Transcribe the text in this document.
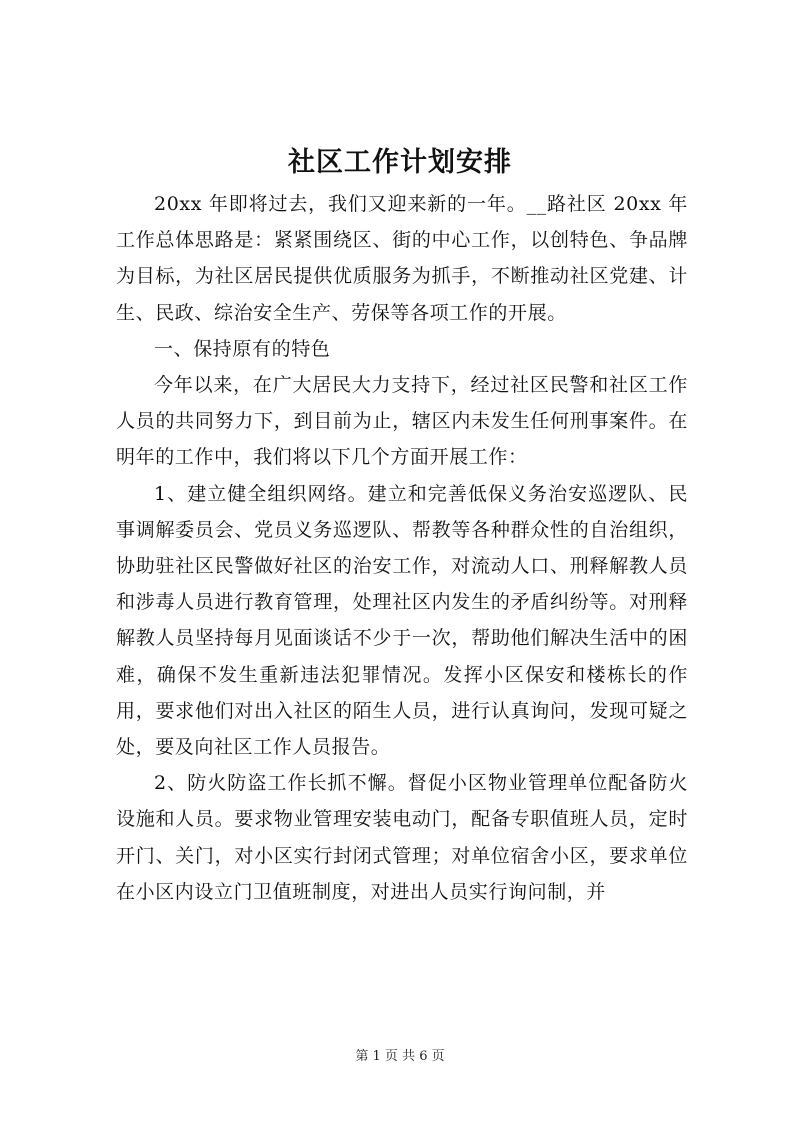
社区工作计划安排

20xx 年即将过去，我们又迎来新的一年。__路社区 20xx 年工作总体思路是：紧紧围绕区、街的中心工作，以创特色、争品牌为目标，为社区居民提供优质服务为抓手，不断推动社区党建、计生、民政、综治安全生产、劳保等各项工作的开展。

一、保持原有的特色

今年以来，在广大居民大力支持下，经过社区民警和社区工作人员的共同努力下，到目前为止，辖区内未发生任何刑事案件。在明年的工作中，我们将以下几个方面开展工作：

1、建立健全组织网络。建立和完善低保义务治安巡逻队、民事调解委员会、党员义务巡逻队、帮教等各种群众性的自治组织，协助驻社区民警做好社区的治安工作，对流动人口、刑释解教人员和涉毒人员进行教育管理，处理社区内发生的矛盾纠纷等。对刑释解教人员坚持每月见面谈话不少于一次，帮助他们解决生活中的困难，确保不发生重新违法犯罪情况。发挥小区保安和楼栋长的作用，要求他们对出入社区的陌生人员，进行认真询问，发现可疑之处，要及向社区工作人员报告。

2、防火防盗工作长抓不懈。督促小区物业管理单位配备防火设施和人员。要求物业管理安装电动门，配备专职值班人员，定时开门、关门，对小区实行封闭式管理；对单位宿舍小区，要求单位在小区内设立门卫值班制度，对进出人员实行询问制，并

第 1 页 共 6 页
